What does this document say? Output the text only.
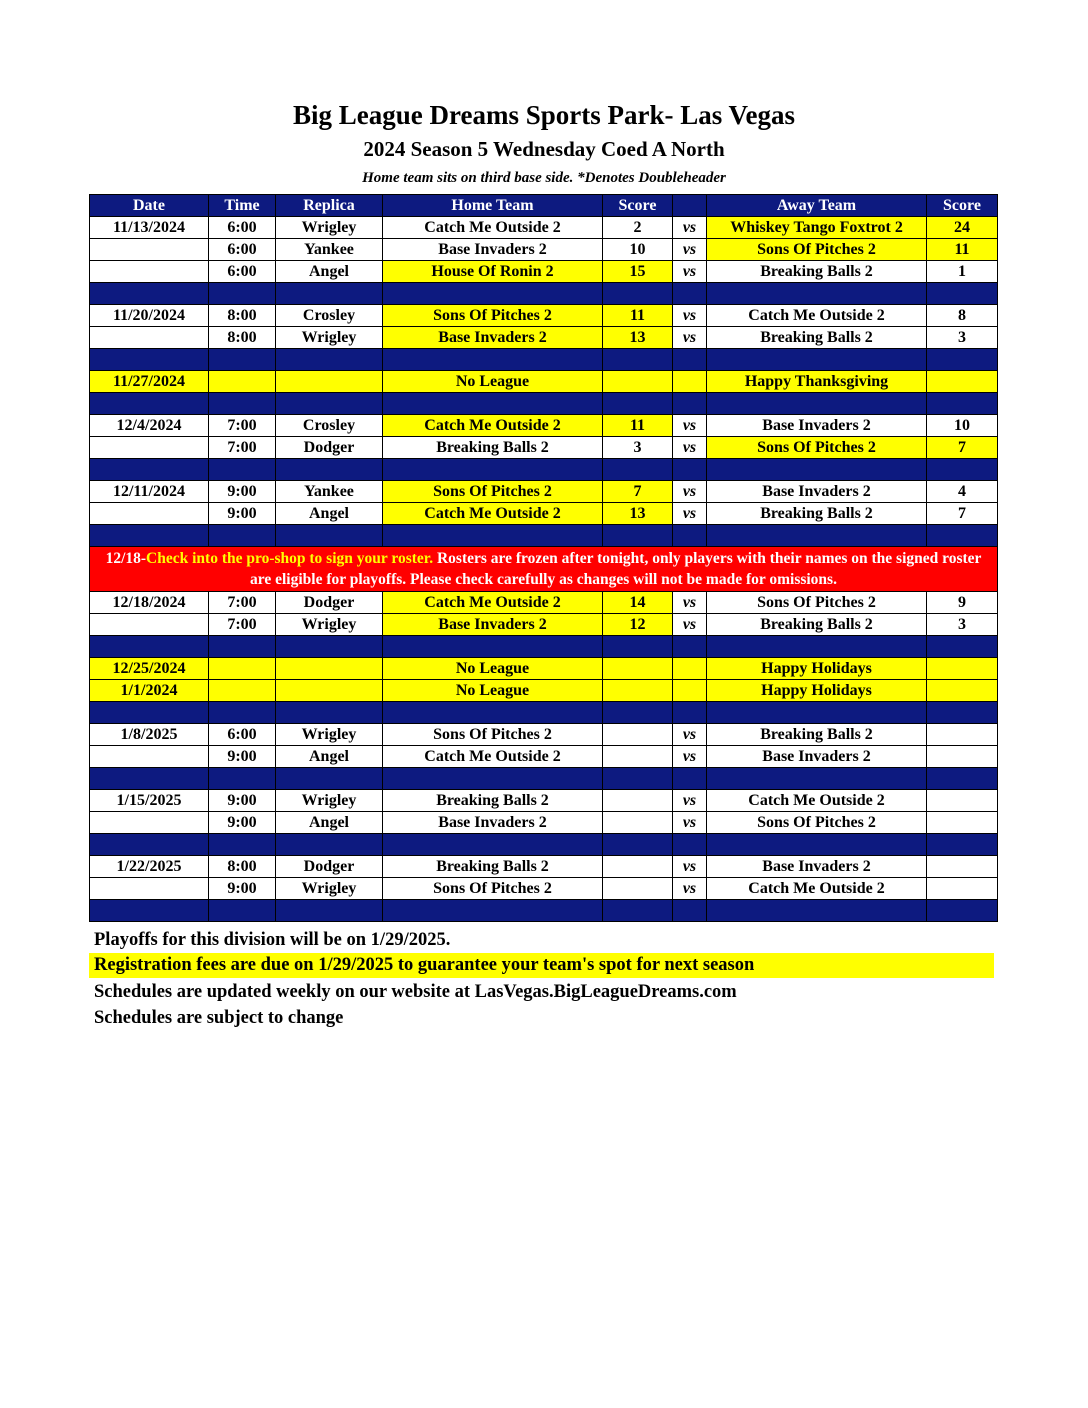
Big League Dreams Sports Park- Las Vegas
2024 Season 5 Wednesday Coed A North
Home team sits on third base side. *Denotes Doubleheader
Date	Time	Replica	Home Team	Score		Away Team	Score
11/13/2024	6:00	Wrigley	Catch Me Outside 2	2	vs	Whiskey Tango Foxtrot 2	24
	6:00	Yankee	Base Invaders 2	10	vs	Sons Of Pitches 2	11
	6:00	Angel	House Of Ronin 2	15	vs	Breaking Balls 2	1

11/20/2024	8:00	Crosley	Sons Of Pitches 2	11	vs	Catch Me Outside 2	8
	8:00	Wrigley	Base Invaders 2	13	vs	Breaking Balls 2	3

11/27/2024			No League			Happy Thanksgiving	

12/4/2024	7:00	Crosley	Catch Me Outside 2	11	vs	Base Invaders 2	10
	7:00	Dodger	Breaking Balls 2	3	vs	Sons Of Pitches 2	7

12/11/2024	9:00	Yankee	Sons Of Pitches 2	7	vs	Base Invaders 2	4
	9:00	Angel	Catch Me Outside 2	13	vs	Breaking Balls 2	7

12/18-Check into the pro-shop to sign your roster. Rosters are frozen after tonight, only players with their names on the signed roster are eligible for playoffs. Please check carefully as changes will not be made for omissions.							
12/18/2024	7:00	Dodger	Catch Me Outside 2	14	vs	Sons Of Pitches 2	9
	7:00	Wrigley	Base Invaders 2	12	vs	Breaking Balls 2	3

12/25/2024			No League			Happy Holidays	
1/1/2024			No League			Happy Holidays	

1/8/2025	6:00	Wrigley	Sons Of Pitches 2		vs	Breaking Balls 2	
	9:00	Angel	Catch Me Outside 2		vs	Base Invaders 2	

1/15/2025	9:00	Wrigley	Breaking Balls 2		vs	Catch Me Outside 2	
	9:00	Angel	Base Invaders 2		vs	Sons Of Pitches 2	

1/22/2025	8:00	Dodger	Breaking Balls 2		vs	Base Invaders 2	
	9:00	Wrigley	Sons Of Pitches 2		vs	Catch Me Outside 2	

Playoffs for this division will be on 1/29/2025.
Registration fees are due on 1/29/2025 to guarantee your team's spot for next season
Schedules are updated weekly on our website at LasVegas.BigLeagueDreams.com
Schedules are subject to change
